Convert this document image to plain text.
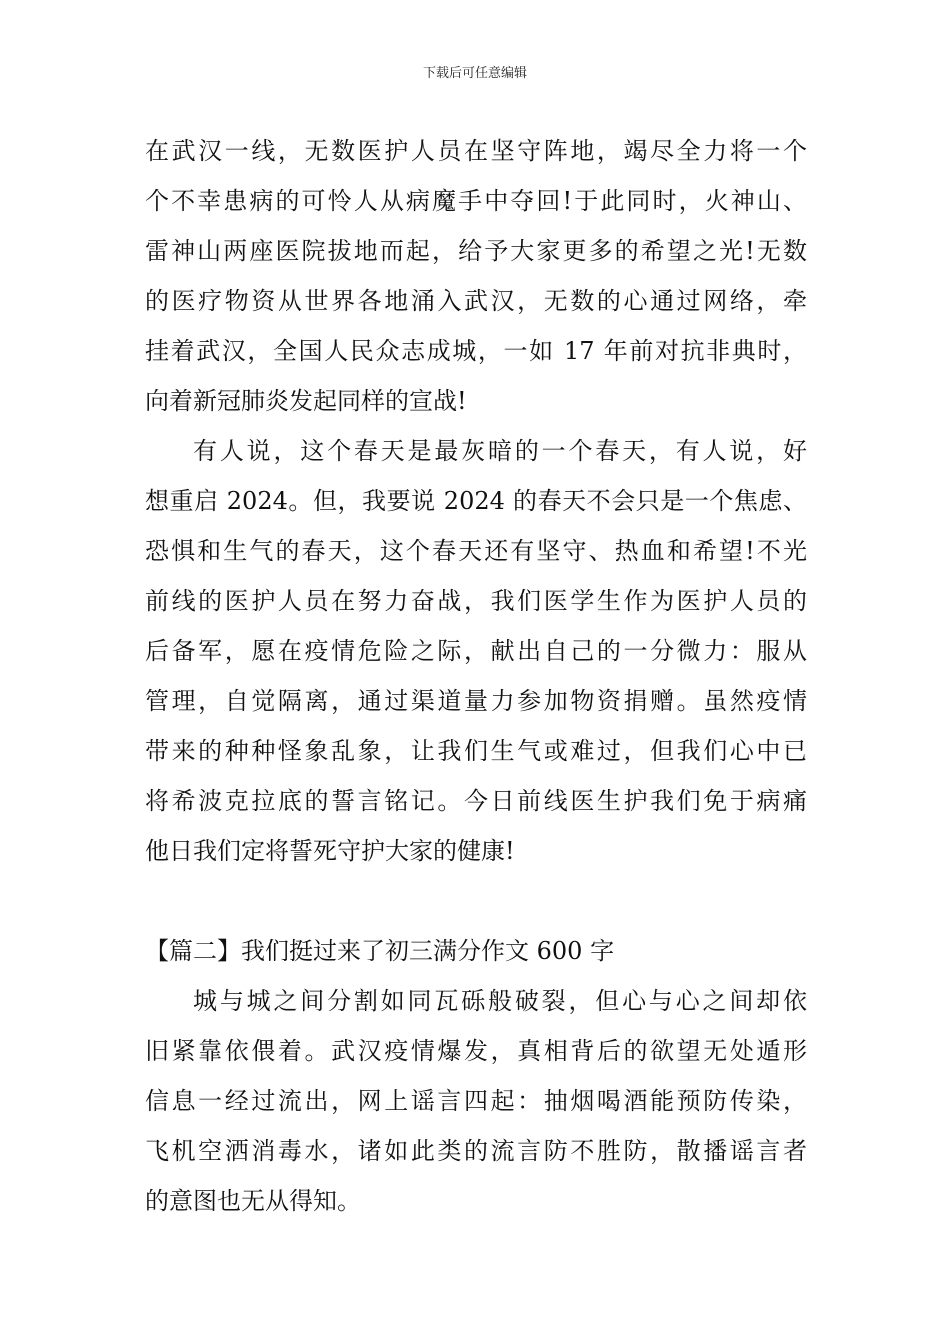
下载后可任意编辑
在武汉一线，无数医护人员在坚守阵地，竭尽全力将一个
个不幸患病的可怜人从病魔手中夺回!于此同时，火神山、
雷神山两座医院拔地而起，给予大家更多的希望之光!无数
的医疗物资从世界各地涌入武汉，无数的心通过网络，牵
挂着武汉，全国人民众志成城，一如 17 年前对抗非典时，
向着新冠肺炎发起同样的宣战!
有人说，这个春天是最灰暗的一个春天，有人说，好
想重启 2024。但，我要说 2024 的春天不会只是一个焦虑、
恐惧和生气的春天，这个春天还有坚守、热血和希望!不光
前线的医护人员在努力奋战，我们医学生作为医护人员的
后备军，愿在疫情危险之际，献出自己的一分微力：服从
管理，自觉隔离，通过渠道量力参加物资捐赠。虽然疫情
带来的种种怪象乱象，让我们生气或难过，但我们心中已
将希波克拉底的誓言铭记。今日前线医生护我们免于病痛
他日我们定将誓死守护大家的健康!
【篇二】我们挺过来了初三满分作文 600 字
城与城之间分割如同瓦砾般破裂，但心与心之间却依
旧紧靠依偎着。武汉疫情爆发，真相背后的欲望无处遁形
信息一经过流出，网上谣言四起：抽烟喝酒能预防传染，
飞机空洒消毒水，诸如此类的流言防不胜防，散播谣言者
的意图也无从得知。
